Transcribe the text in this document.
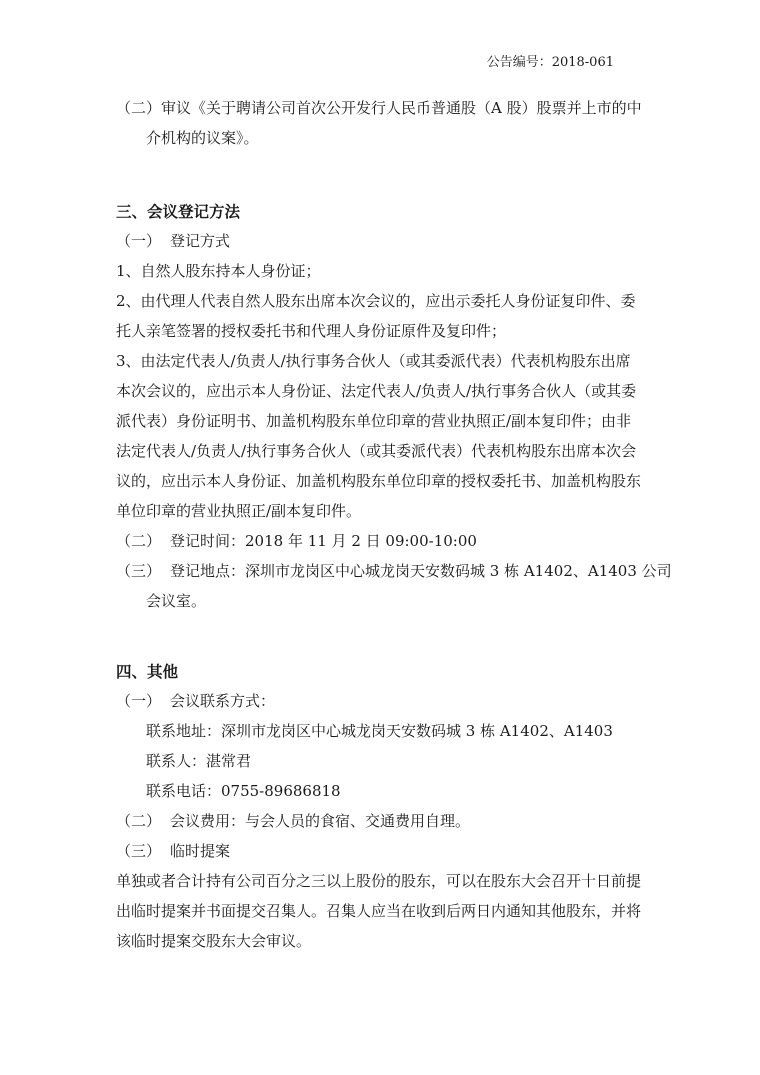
公告编号：2018-061
（二）审议《关于聘请公司首次公开发行人民币普通股（A 股）股票并上市的中
介机构的议案》。
三、会议登记方法
（一） 登记方式
1、自然人股东持本人身份证；
2、由代理人代表自然人股东出席本次会议的，应出示委托人身份证复印件、委
托人亲笔签署的授权委托书和代理人身份证原件及复印件；
3、由法定代表人/负责人/执行事务合伙人（或其委派代表）代表机构股东出席
本次会议的，应出示本人身份证、法定代表人/负责人/执行事务合伙人（或其委
派代表）身份证明书、加盖机构股东单位印章的营业执照正/副本复印件；由非
法定代表人/负责人/执行事务合伙人（或其委派代表）代表机构股东出席本次会
议的，应出示本人身份证、加盖机构股东单位印章的授权委托书、加盖机构股东
单位印章的营业执照正/副本复印件。
（二） 登记时间：2018 年 11 月 2 日 09:00-10:00
（三） 登记地点：深圳市龙岗区中心城龙岗天安数码城 3 栋 A1402、A1403 公司
会议室。
四、其他
（一） 会议联系方式：
联系地址：深圳市龙岗区中心城龙岗天安数码城 3 栋 A1402、A1403
联系人：湛常君
联系电话：0755-89686818
（二） 会议费用：与会人员的食宿、交通费用自理。
（三） 临时提案
单独或者合计持有公司百分之三以上股份的股东，可以在股东大会召开十日前提
出临时提案并书面提交召集人。召集人应当在收到后两日内通知其他股东，并将
该临时提案交股东大会审议。
